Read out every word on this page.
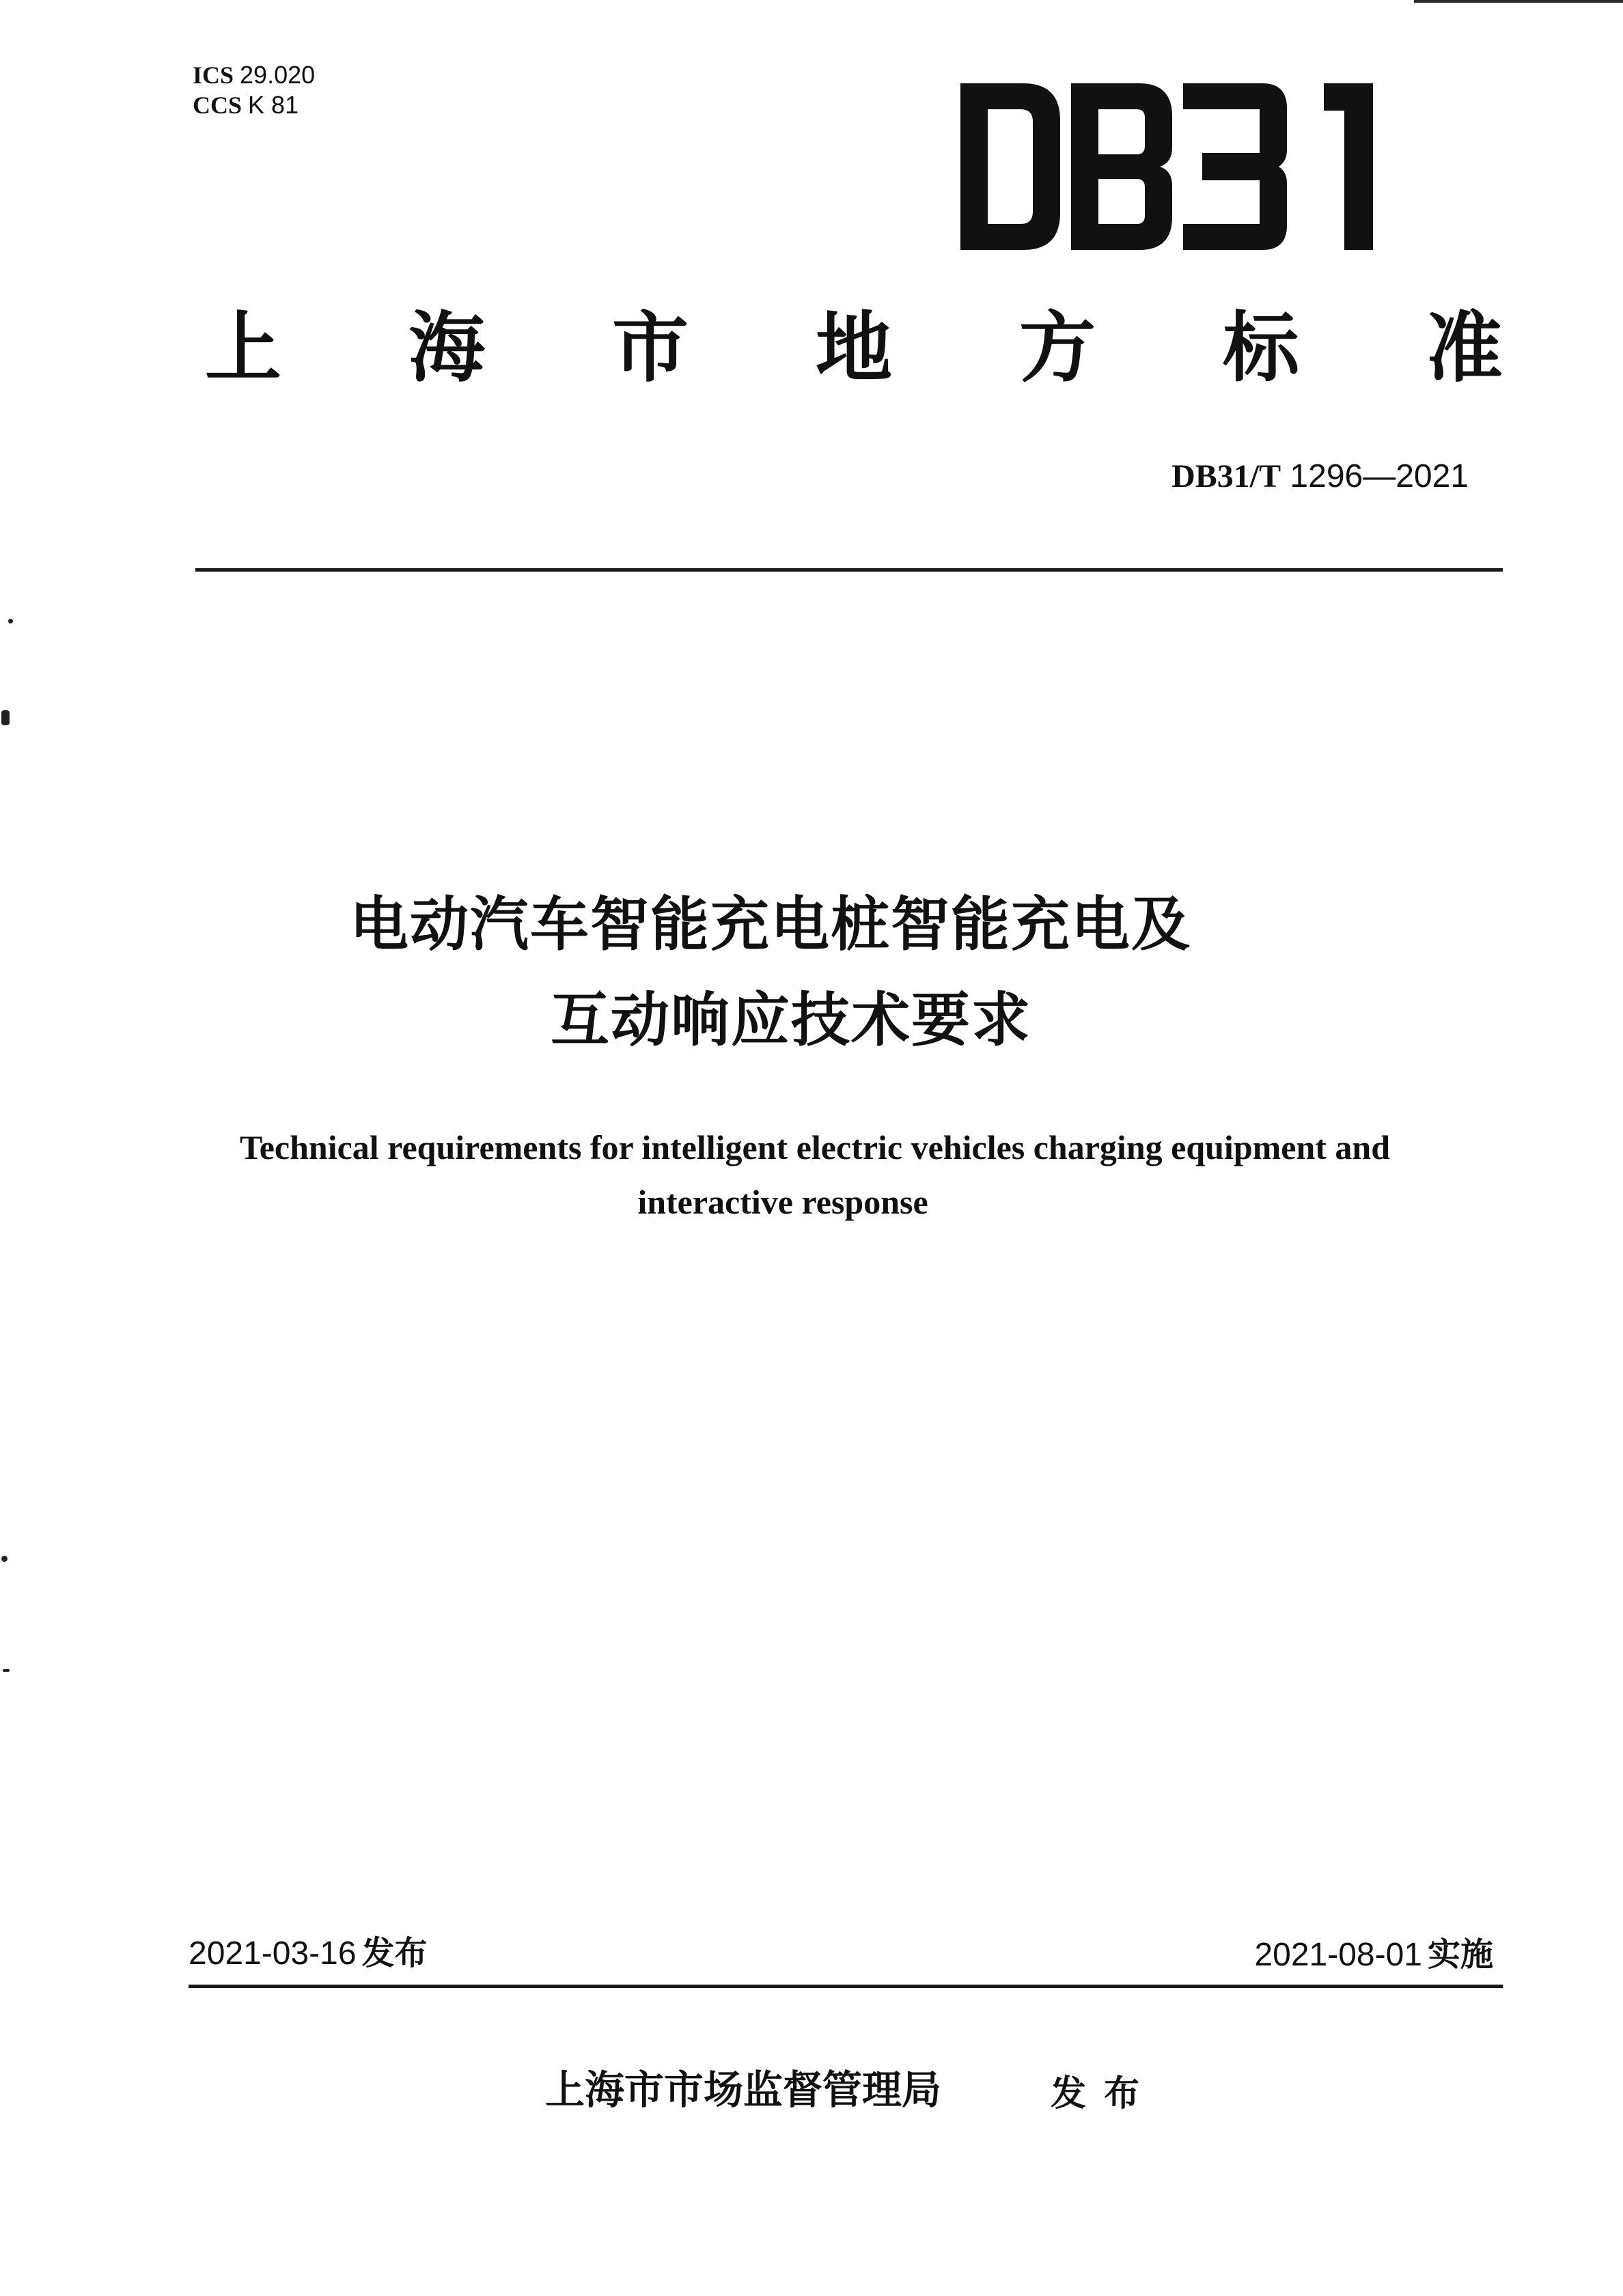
ICS 29.020
CCS K 81
上 海 市 地 方 标 准
DB31/T 1296—2021
电动汽车智能充电桩智能充电及
互动响应技术要求
Technical requirements for intelligent electric vehicles charging equipment and
interactive response
2021-03-16 发布	2021-08-01 实施
上海市市场监督管理局	发布
